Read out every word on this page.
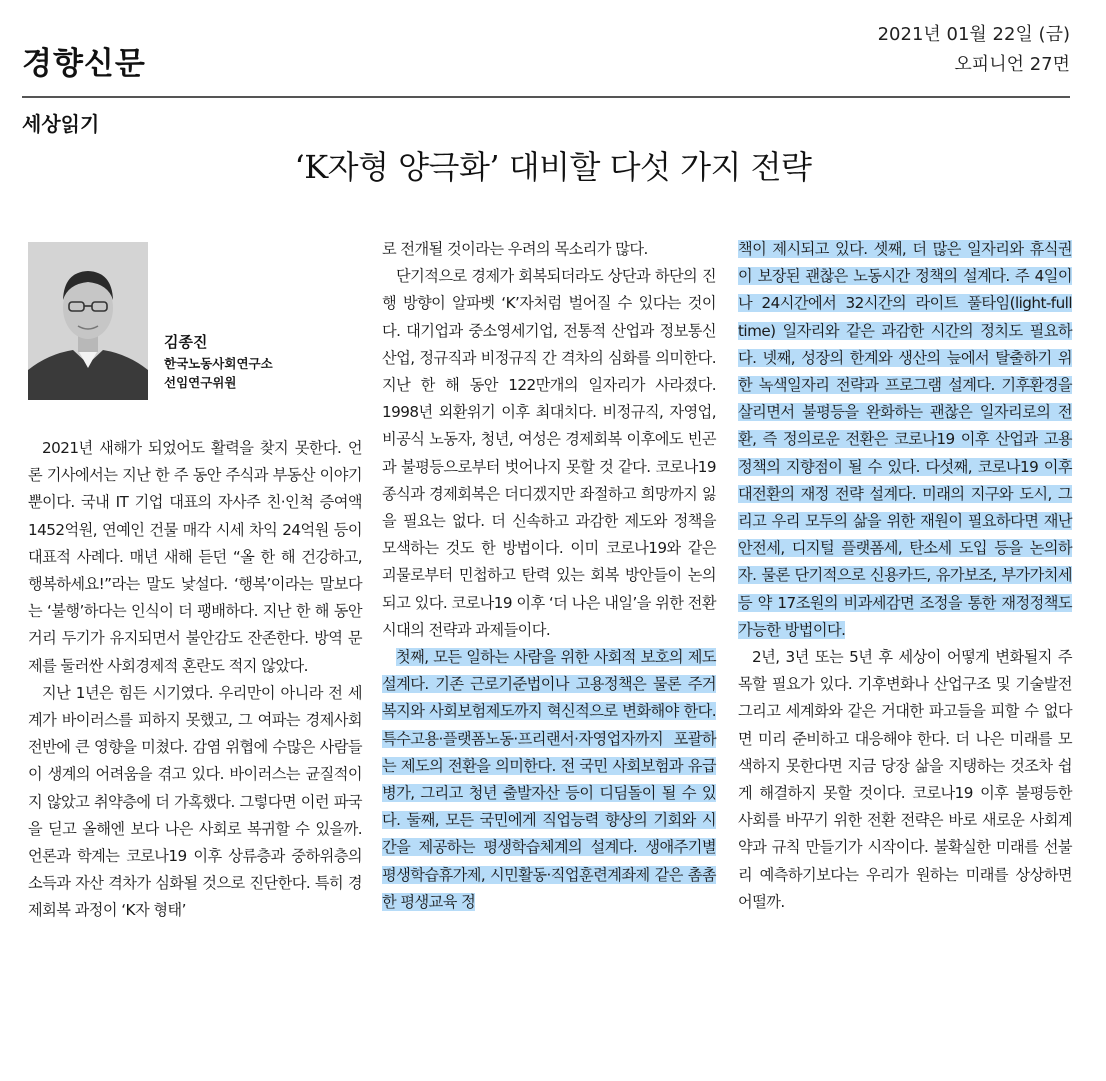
경향신문
2021년 01월 22일 (금)
오피니언 27면
세상읽기
‘K자형 양극화’ 대비할 다섯 가지 전략
김종진
한국노동사회연구소
선임연구위원

2021년 새해가 되었어도 활력을 찾지 못한다. 언론 기사에서는 지난 한 주 동안 주식과 부동산 이야기뿐이다. 국내 IT 기업 대표의 자사주 친·인척 증여액 1452억원, 연예인 건물 매각 시세 차익 24억원 등이 대표적 사례다. 매년 새해 듣던 “올 한 해 건강하고, 행복하세요!”라는 말도 낯설다. ‘행복’이라는 말보다는 ‘불행’하다는 인식이 더 팽배하다. 지난 한 해 동안 거리 두기가 유지되면서 불안감도 잔존한다. 방역 문제를 둘러싼 사회경제적 혼란도 적지 않았다.

지난 1년은 힘든 시기였다. 우리만이 아니라 전 세계가 바이러스를 피하지 못했고, 그 여파는 경제사회 전반에 큰 영향을 미쳤다. 감염 위협에 수많은 사람들이 생계의 어려움을 겪고 있다. 바이러스는 균질적이지 않았고 취약층에 더 가혹했다. 그렇다면 이런 파국을 딛고 올해엔 보다 나은 사회로 복귀할 수 있을까. 언론과 학계는 코로나19 이후 상류층과 중하위층의 소득과 자산 격차가 심화될 것으로 진단한다. 특히 경제회복 과정이 ‘K자 형태’

로 전개될 것이라는 우려의 목소리가 많다.

단기적으로 경제가 회복되더라도 상단과 하단의 진행 방향이 알파벳 ‘K’자처럼 벌어질 수 있다는 것이다. 대기업과 중소영세기업, 전통적 산업과 정보통신 산업, 정규직과 비정규직 간 격차의 심화를 의미한다. 지난 한 해 동안 122만개의 일자리가 사라졌다. 1998년 외환위기 이후 최대치다. 비정규직, 자영업, 비공식 노동자, 청년, 여성은 경제회복 이후에도 빈곤과 불평등으로부터 벗어나지 못할 것 같다. 코로나19 종식과 경제회복은 더디겠지만 좌절하고 희망까지 잃을 필요는 없다. 더 신속하고 과감한 제도와 정책을 모색하는 것도 한 방법이다. 이미 코로나19와 같은 괴물로부터 민첩하고 탄력 있는 회복 방안들이 논의되고 있다. 코로나19 이후 ‘더 나은 내일’을 위한 전환시대의 전략과 과제들이다.

첫째, 모든 일하는 사람을 위한 사회적 보호의 제도 설계다. 기존 근로기준법이나 고용정책은 물론 주거복지와 사회보험제도까지 혁신적으로 변화해야 한다. 특수고용·플랫폼노동·프리랜서·자영업자까지 포괄하는 제도의 전환을 의미한다. 전 국민 사회보험과 유급병가, 그리고 청년 출발자산 등이 디딤돌이 될 수 있다. 둘째, 모든 국민에게 직업능력 향상의 기회와 시간을 제공하는 평생학습체계의 설계다. 생애주기별 평생학습휴가제, 시민활동·직업훈련계좌제 같은 촘촘한 평생교육 정

책이 제시되고 있다. 셋째, 더 많은 일자리와 휴식권이 보장된 괜찮은 노동시간 정책의 설계다. 주 4일이나 24시간에서 32시간의 라이트 풀타임(light-full time) 일자리와 같은 과감한 시간의 정치도 필요하다. 넷째, 성장의 한계와 생산의 늪에서 탈출하기 위한 녹색일자리 전략과 프로그램 설계다. 기후환경을 살리면서 불평등을 완화하는 괜찮은 일자리로의 전환, 즉 정의로운 전환은 코로나19 이후 산업과 고용정책의 지향점이 될 수 있다. 다섯째, 코로나19 이후 대전환의 재정 전략 설계다. 미래의 지구와 도시, 그리고 우리 모두의 삶을 위한 재원이 필요하다면 재난안전세, 디지털 플랫폼세, 탄소세 도입 등을 논의하자. 물론 단기적으로 신용카드, 유가보조, 부가가치세 등 약 17조원의 비과세감면 조정을 통한 재정정책도 가능한 방법이다.

2년, 3년 또는 5년 후 세상이 어떻게 변화될지 주목할 필요가 있다. 기후변화나 산업구조 및 기술발전 그리고 세계화와 같은 거대한 파고들을 피할 수 없다면 미리 준비하고 대응해야 한다. 더 나은 미래를 모색하지 못한다면 지금 당장 삶을 지탱하는 것조차 쉽게 해결하지 못할 것이다. 코로나19 이후 불평등한 사회를 바꾸기 위한 전환 전략은 바로 새로운 사회계약과 규칙 만들기가 시작이다. 불확실한 미래를 선불리 예측하기보다는 우리가 원하는 미래를 상상하면 어떨까.
